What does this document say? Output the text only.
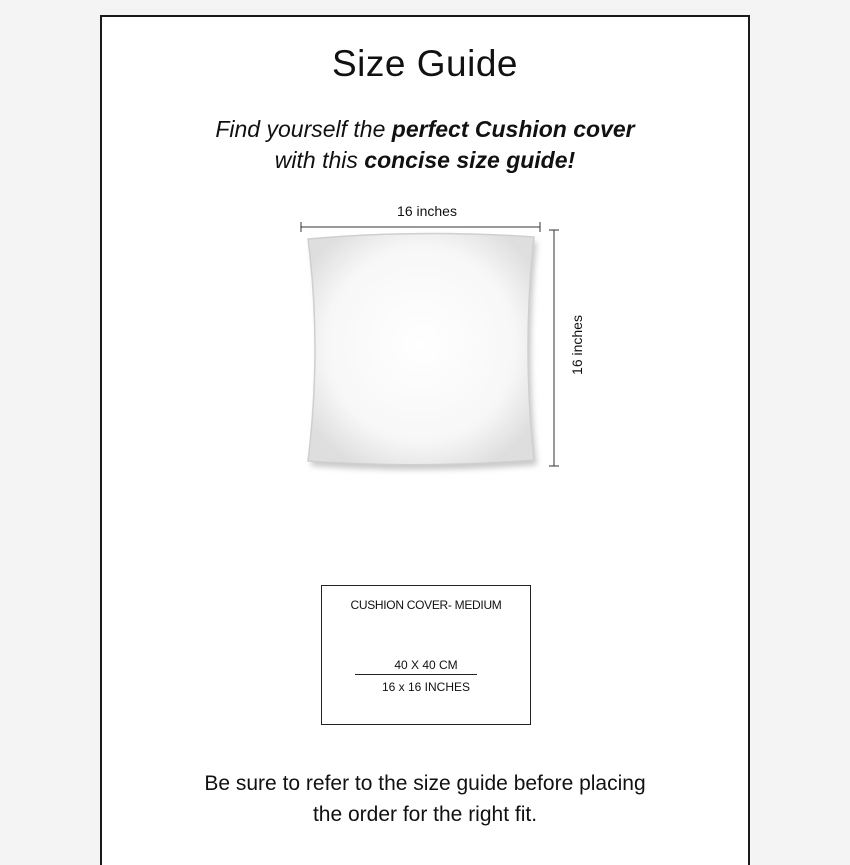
Size Guide
Find yourself the perfect Cushion cover
with this concise size guide!
16 inches
16 inches
CUSHION COVER- MEDIUM
40 X 40 CM
16 x 16 INCHES
Be sure to refer to the size guide before placing
the order for the right fit.
